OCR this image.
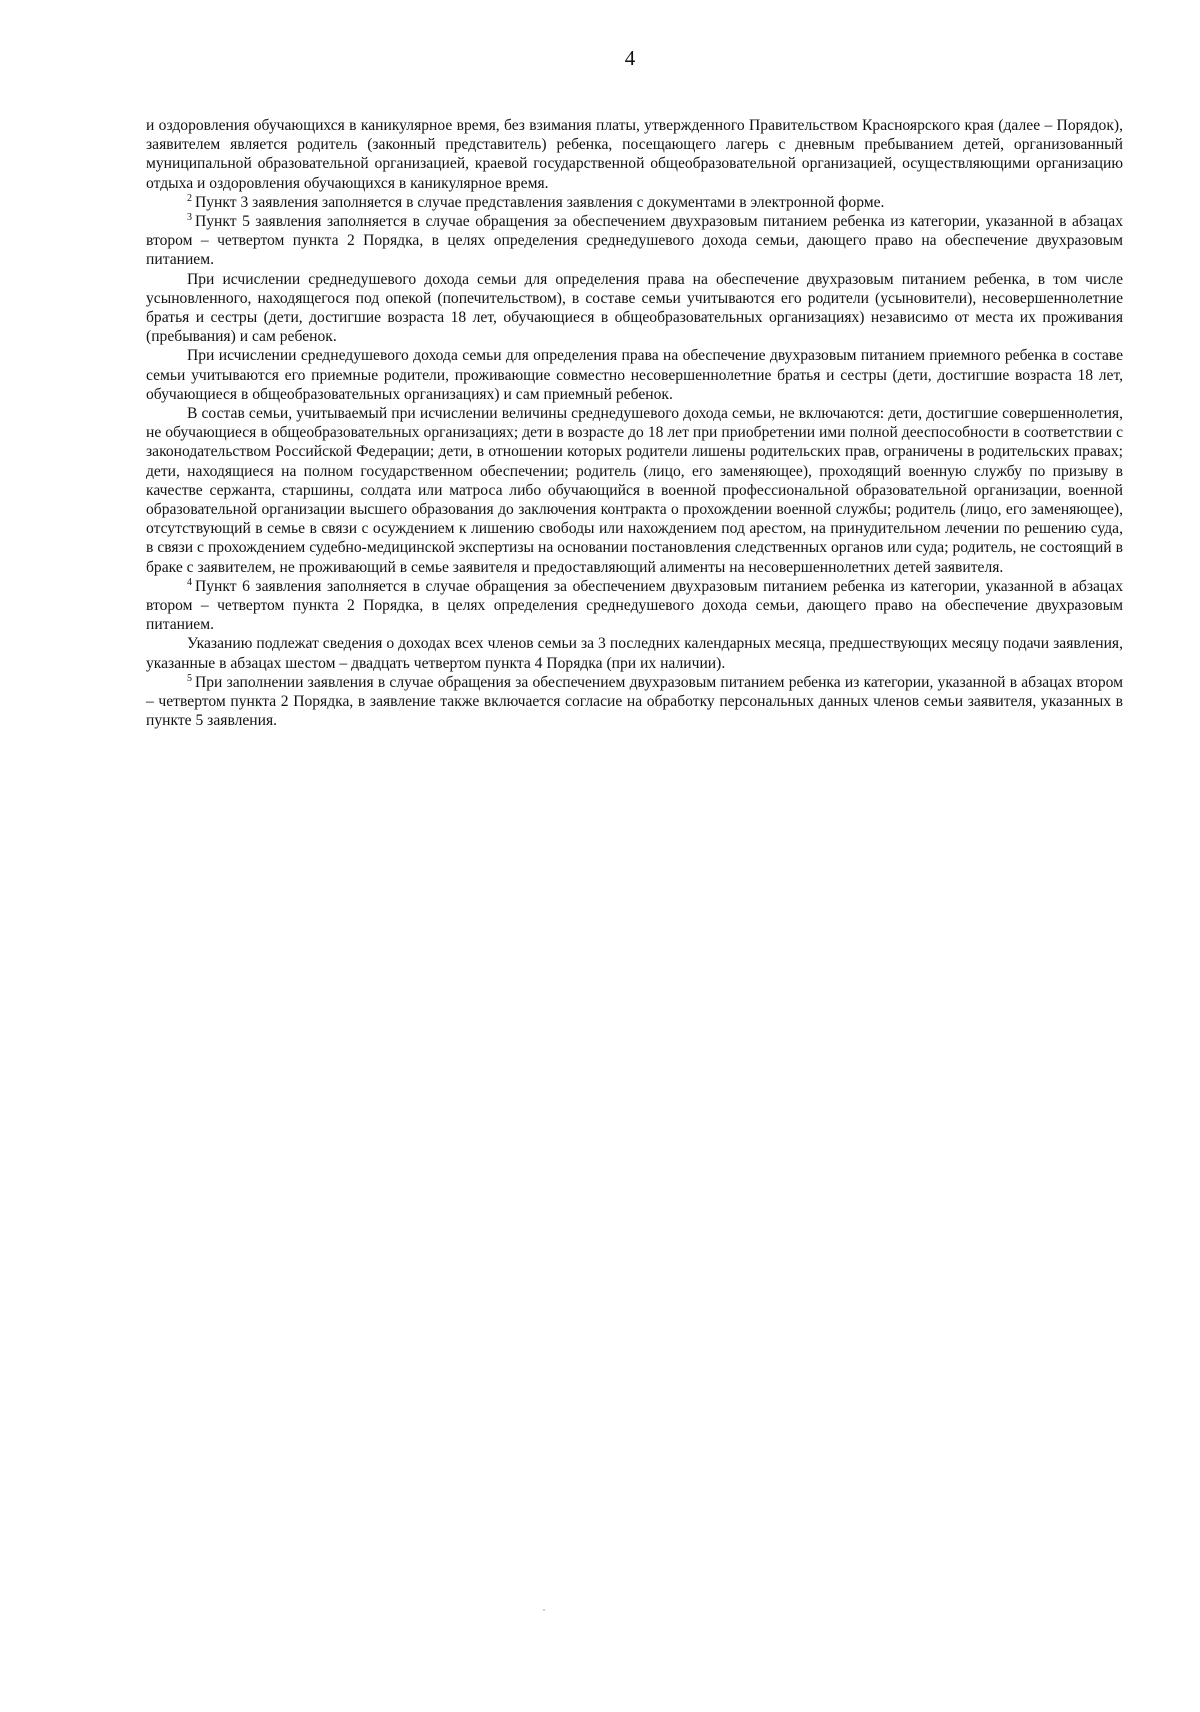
4

и оздоровления обучающихся в каникулярное время, без взимания платы, утвержденного Правительством Красноярского края (далее – Порядок), заявителем является родитель (законный представитель) ребенка, посещающего лагерь с дневным пребыванием детей, организованный муниципальной образовательной организацией, краевой государственной общеобразовательной организацией, осуществляющими организацию отдыха и оздоровления обучающихся в каникулярное время.

$^2$ Пункт 3 заявления заполняется в случае представления заявления с документами в электронной форме.

$^3$ Пункт 5 заявления заполняется в случае обращения за обеспечением двухразовым питанием ребенка из категории, указанной в абзацах втором – четвертом пункта 2 Порядка, в целях определения среднедушевого дохода семьи, дающего право на обеспечение двухразовым питанием.

При исчислении среднедушевого дохода семьи для определения права на обеспечение двухразовым питанием ребенка, в том числе усыновленного, находящегося под опекой (попечительством), в составе семьи учитываются его родители (усыновители), несовершеннолетние братья и сестры (дети, достигшие возраста 18 лет, обучающиеся в общеобразовательных организациях) независимо от места их проживания (пребывания) и сам ребенок.

При исчислении среднедушевого дохода семьи для определения права на обеспечение двухразовым питанием приемного ребенка в составе семьи учитываются его приемные родители, проживающие совместно несовершеннолетние братья и сестры (дети, достигшие возраста 18 лет, обучающиеся в общеобразовательных организациях) и сам приемный ребенок.

В состав семьи, учитываемый при исчислении величины среднедушевого дохода семьи, не включаются: дети, достигшие совершеннолетия, не обучающиеся в общеобразовательных организациях; дети в возрасте до 18 лет при приобретении ими полной дееспособности в соответствии с законодательством Российской Федерации; дети, в отношении которых родители лишены родительских прав, ограничены в родительских правах; дети, находящиеся на полном государственном обеспечении; родитель (лицо, его заменяющее), проходящий военную службу по призыву в качестве сержанта, старшины, солдата или матроса либо обучающийся в военной профессиональной образовательной организации, военной образовательной организации высшего образования до заключения контракта о прохождении военной службы; родитель (лицо, его заменяющее), отсутствующий в семье в связи с осуждением к лишению свободы или нахождением под арестом, на принудительном лечении по решению суда, в связи с прохождением судебно-медицинской экспертизы на основании постановления следственных органов или суда; родитель, не состоящий в браке с заявителем, не проживающий в семье заявителя и предоставляющий алименты на несовершеннолетних детей заявителя.

$^4$ Пункт 6 заявления заполняется в случае обращения за обеспечением двухразовым питанием ребенка из категории, указанной в абзацах втором – четвертом пункта 2 Порядка, в целях определения среднедушевого дохода семьи, дающего право на обеспечение двухразовым питанием.

Указанию подлежат сведения о доходах всех членов семьи за 3 последних календарных месяца, предшествующих месяцу подачи заявления, указанные в абзацах шестом – двадцать четвертом пункта 4 Порядка (при их наличии).

$^5$ При заполнении заявления в случае обращения за обеспечением двухразовым питанием ребенка из категории, указанной в абзацах втором – четвертом пункта 2 Порядка, в заявление также включается согласие на обработку персональных данных членов семьи заявителя, указанных в пункте 5 заявления.
